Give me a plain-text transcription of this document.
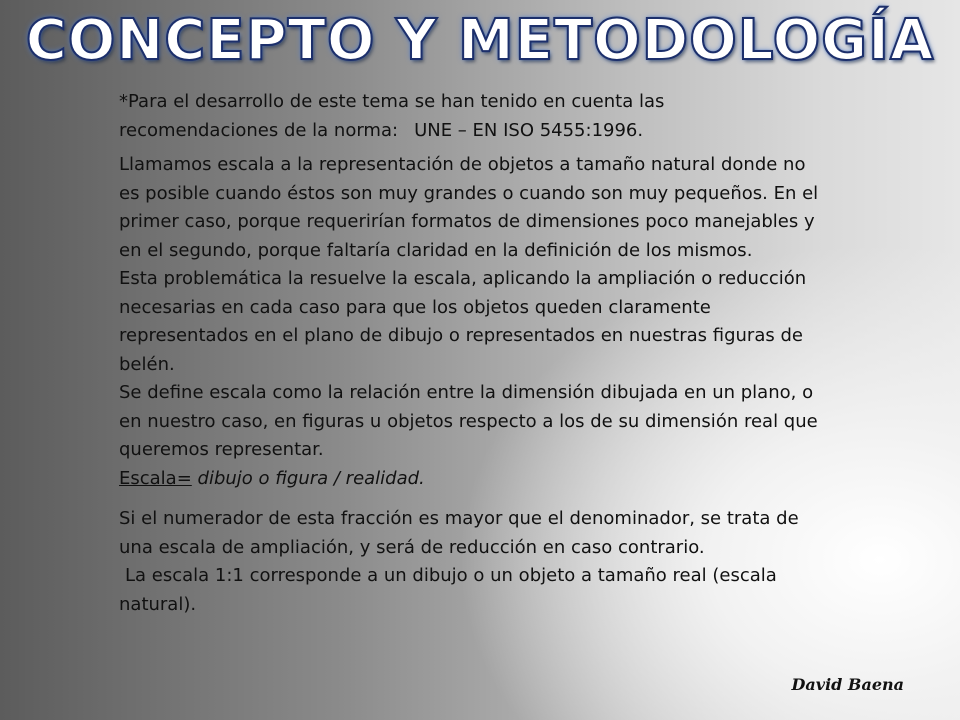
CONCEPTO Y METODOLOGÍA

*Para el desarrollo de este tema se han tenido en cuenta las recomendaciones de la norma: UNE – EN ISO 5455:1996.

Llamamos escala a la representación de objetos a tamaño natural donde no es posible cuando éstos son muy grandes o cuando son muy pequeños. En el primer caso, porque requerirían formatos de dimensiones poco manejables y en el segundo, porque faltaría claridad en la definición de los mismos.

Esta problemática la resuelve la escala, aplicando la ampliación o reducción necesarias en cada caso para que los objetos queden claramente representados en el plano de dibujo o representados en nuestras figuras de belén.

Se define escala como la relación entre la dimensión dibujada en un plano, o en nuestro caso, en figuras u objetos respecto a los de su dimensión real que queremos representar.

Escala= dibujo o figura / realidad.

Si el numerador de esta fracción es mayor que el denominador, se trata de una escala de ampliación, y será de reducción en caso contrario.

La escala 1:1 corresponde a un dibujo o un objeto a tamaño real (escala natural).

David Baena
